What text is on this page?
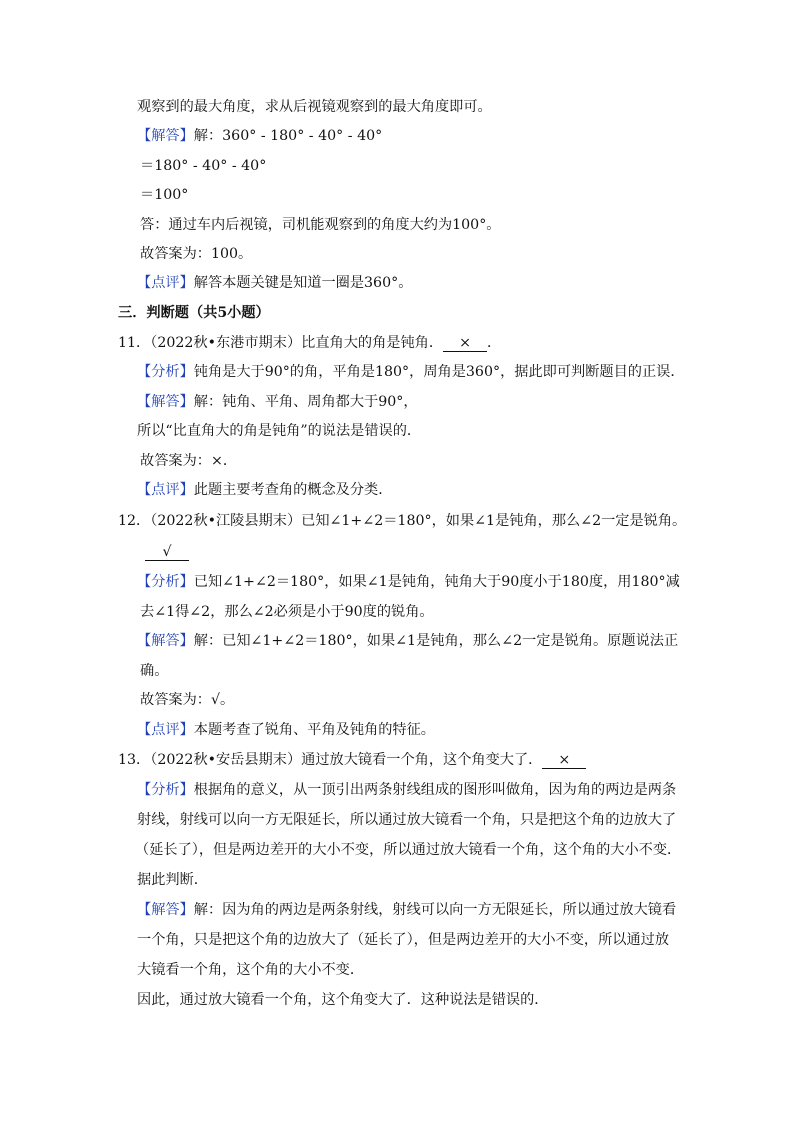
观察到的最大角度，求从后视镜观察到的最大角度即可。
【解答】解：360° - 180° - 40° - 40°
＝180° - 40° - 40°
＝100°
答：通过车内后视镜，司机能观察到的角度大约为100°。
故答案为：100。
【点评】解答本题关键是知道一圈是360°。
三．判断题（共5小题）
11．（2022秋•东港市期末）比直角大的角是钝角． × ．
【分析】钝角是大于90°的角，平角是180°，周角是360°，据此即可判断题目的正误．
【解答】解：钝角、平角、周角都大于90°，
所以“比直角大的角是钝角”的说法是错误的．
故答案为：×．
【点评】此题主要考查角的概念及分类．
12．（2022秋•江陵县期末）已知∠1+∠2＝180°，如果∠1是钝角，那么∠2一定是锐角。
√
【分析】已知∠1+∠2＝180°，如果∠1是钝角，钝角大于90度小于180度，用180°减
去∠1得∠2，那么∠2必须是小于90度的锐角。
【解答】解：已知∠1+∠2＝180°，如果∠1是钝角，那么∠2一定是锐角。原题说法正
确。
故答案为：√。
【点评】本题考查了锐角、平角及钝角的特征。
13．（2022秋•安岳县期末）通过放大镜看一个角，这个角变大了． ×
【分析】根据角的意义，从一顶引出两条射线组成的图形叫做角，因为角的两边是两条
射线，射线可以向一方无限延长，所以通过放大镜看一个角，只是把这个角的边放大了
（延长了），但是两边差开的大小不变，所以通过放大镜看一个角，这个角的大小不变．
据此判断．
【解答】解：因为角的两边是两条射线，射线可以向一方无限延长，所以通过放大镜看
一个角，只是把这个角的边放大了（延长了），但是两边差开的大小不变，所以通过放
大镜看一个角，这个角的大小不变．
因此，通过放大镜看一个角，这个角变大了．这种说法是错误的．
